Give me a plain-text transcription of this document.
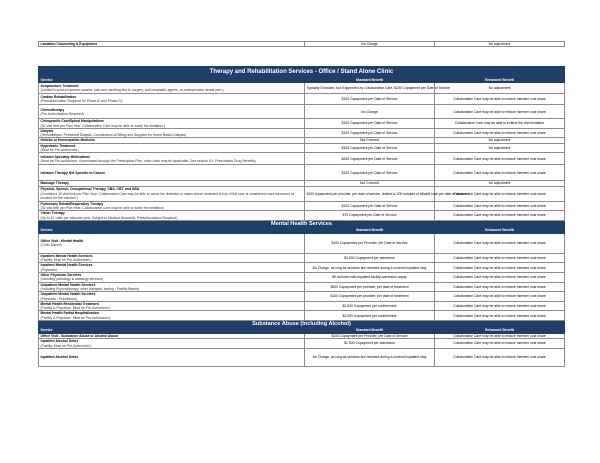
Lactation Counseling & Equipment	No Charge	No adjustment

Therapy and Rehabilitation Services - Office / Stand Alone Clinic		
Service	Standard Benefit	Enhanced Benefit

Acupuncture Treatment
(Limited to post-procedure nausea, pain and vomiting due to surgery, anti-neoplastic agents, or postoperative dental pain.)	Typically Excluded, but if approved by Collaborative Care, $100 Copayment per Date of Service	No adjustment

Cardiac Rehabilitation
(Preauthorization Required for Phase III and Phase IV)	$100 Copayment per Date of Service	Collaborative Care may be able to reduce member cost share

Chemotherapy
(Pre-Authorization Required)	No Charge	Collaborative Care may be able to reduce member cost share

Chiropractic Care/Spinal Manipulations
(30 visit limit per Plan Year. Collaborative Care may be able to waive the limitation.)	$100 Copayment per Date of Service	Collaborative Care may be able to extend the visit limitation

Dialysis
(Hemodialysis, Peritoneal Dialysis, Coordination of Billing and Supplies for Home Based Dialysis)	$100 Copayment per Date of Service	Collaborative Care may be able to reduce member cost share

Holistic or Homeopathic Medicine	Not Covered	No adjustment

Hyperbaric Treatment
(Must be Pre-authorized.)	$100 Copayment per Date of Service	No adjustment

Infusion Specialty Medications
(Must be Pre-authorized. If purchased through the Prescription Plan, other rules may be applicable. See section XX. Prescription Drug Benefits)	$200 Copayment per Date of Service	Collaborative Care may be able to reduce member cost share

Infusion Therapy Not Specific to Cancer	$100 Copayment per Date of Service	Collaborative Care may be able to reduce member cost share

Massage Therapy	Not Covered	No adjustment

Physical, Speech, Occupational Therapy, CBA, CBT, and ABA
(Combined 30 visit limit per Plan Year. Collaborative Care may be able to waive the limitation in cases where treatment is key of the care is considered more advanced at location for the member.)	$100 copayment per provider, per date of service, limited to 200 minutes of billable care per date of service	Collaborative Care may be able to reduce member cost share

Pulmonary Rehab/Respiratory Therapy
(30 visit limit per Plan Year. Collaborative Care may be able to waive the limitation)	$100 Copayment per Date of Service	Collaborative Care may be able to reduce member cost share

Vision Therapy
(Up to 12 visits per calendar year. Subject to Medical Necessity. Preauthorization Required)	$75 Copayment per Date of Service	Collaborative Care may be able to reduce member cost share
Mental Health Services		
Service	Standard Benefit	Enhanced Benefit

Office Visit - Mental Health
(Clinic Based)	$100 Copayment per Provider, per Date of Service	Collaborative Care may be able to reduce member cost share

Inpatient Mental Health Services
(Facility. Must be Pre-Authorized.)	$2,500 Copayment per admission	Collaborative Care may be able to reduce member cost share

Inpatient Mental Health Services
(Physician)	No Charge, as long as services are received during a covered inpatient stay	Collaborative Care may be able to reduce member cost share

Other Physician Services
(Including pathology & radiology services)	$0 included with inpatient facility admission copay	Collaborative Care may be able to reduce member cost share

Outpatient Mental Health Services
(Including Psychotherapy, other therapist, testing - Facility Based)	$500 Copayment per provider, per date of treatment	Collaborative Care may be able to reduce member cost share

Outpatient Mental Health Services
(Physician / Practitioner)	$100 Copayment per provider, per date of treatment	Collaborative Care may be able to reduce member cost share

Mental Health Residential Treatment
(Facility & Physician. Must be Pre-Authorized.)	$2,500 Copayment per confinement	Collaborative Care may be able to reduce member cost share

Mental Health Partial Hospitalization
(Facility & Physician. Must be Pre-Authorized.)	$2,500 Copayment per confinement	Collaborative Care may be able to reduce member cost share
Substance Abuse (Including Alcohol)		
Service	Standard Benefit	Enhanced Benefit

Office Visit - Substance Abuse or Alcohol Abuse	$100 Copayment per Provider, per Date of Service	Collaborative Care may be able to reduce member cost share

Inpatient Alcohol Detox
(Facility. Must be Pre-Authorized.)	$2,500 Copayment per admission	Collaborative Care may be able to reduce member cost share

Inpatient Alcohol Detox	No Charge, as long as services are received during a covered inpatient stay	Collaborative Care may be able to reduce member cost share
